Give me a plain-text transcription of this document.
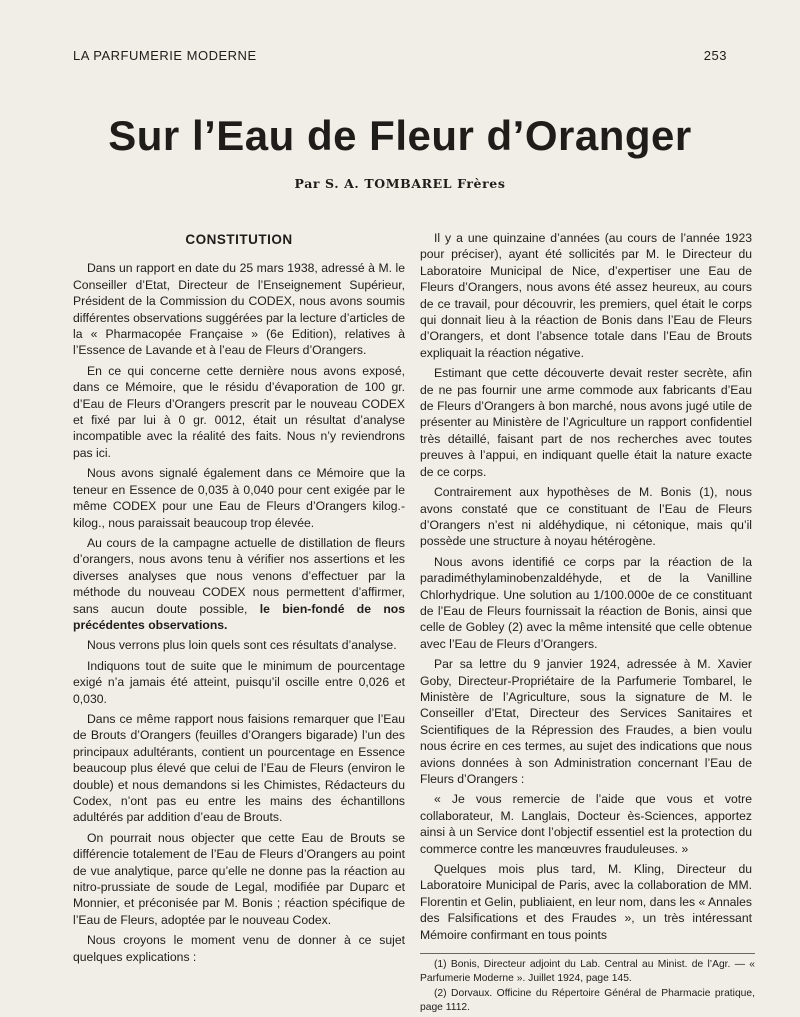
LA PARFUMERIE MODERNE	253
Sur l’Eau de Fleur d’Oranger
Par S. A. TOMBAREL Frères
CONSTITUTION

Dans un rapport en date du 25 mars 1938, adressé à M. le Conseiller d’Etat, Directeur de l’Enseignement Supérieur, Président de la Commission du CODEX, nous avons soumis différentes observations suggérées par la lecture d’articles de la « Pharmacopée Française » (6e Edition), relatives à l’Essence de Lavande et à l’eau de Fleurs d’Orangers.

En ce qui concerne cette dernière nous avons exposé, dans ce Mémoire, que le résidu d’évaporation de 100 gr. d’Eau de Fleurs d’Orangers prescrit par le nouveau CODEX et fixé par lui à 0 gr. 0012, était un résultat d’analyse incompatible avec la réalité des faits. Nous n’y reviendrons pas ici.

Nous avons signalé également dans ce Mémoire que la teneur en Essence de 0,035 à 0,040 pour cent exigée par le même CODEX pour une Eau de Fleurs d’Orangers kilog.-kilog., nous paraissait beaucoup trop élevée.

Au cours de la campagne actuelle de distillation de fleurs d’orangers, nous avons tenu à vérifier nos assertions et les diverses analyses que nous venons d’effectuer par la méthode du nouveau CODEX nous permettent d’affirmer, sans aucun doute possible, le bien-fondé de nos précédentes observations.

Nous verrons plus loin quels sont ces résultats d’analyse.

Indiquons tout de suite que le minimum de pourcentage exigé n’a jamais été atteint, puisqu’il oscille entre 0,026 et 0,030.

Dans ce même rapport nous faisions remarquer que l’Eau de Brouts d’Orangers (feuilles d’Orangers bigarade) l’un des principaux adultérants, contient un pourcentage en Essence beaucoup plus élevé que celui de l’Eau de Fleurs (environ le double) et nous demandons si les Chimistes, Rédacteurs du Codex, n’ont pas eu entre les mains des échantillons adultérés par addition d’eau de Brouts.

On pourrait nous objecter que cette Eau de Brouts se différencie totalement de l’Eau de Fleurs d’Orangers au point de vue analytique, parce qu’elle ne donne pas la réaction au nitro-prussiate de soude de Legal, modifiée par Duparc et Monnier, et préconisée par M. Bonis ; réaction spécifique de l’Eau de Fleurs, adoptée par le nouveau Codex.

Nous croyons le moment venu de donner à ce sujet quelques explications :

Il y a une quinzaine d’années (au cours de l’année 1923 pour préciser), ayant été sollicités par M. le Directeur du Laboratoire Municipal de Nice, d’expertiser une Eau de Fleurs d’Orangers, nous avons été assez heureux, au cours de ce travail, pour découvrir, les premiers, quel était le corps qui donnait lieu à la réaction de Bonis dans l’Eau de Fleurs d’Orangers, et dont l’absence totale dans l’Eau de Brouts expliquait la réaction négative.

Estimant que cette découverte devait rester secrète, afin de ne pas fournir une arme commode aux fabricants d’Eau de Fleurs d’Orangers à bon marché, nous avons jugé utile de présenter au Ministère de l’Agriculture un rapport confidentiel très détaillé, faisant part de nos recherches avec toutes preuves à l’appui, en indiquant quelle était la nature exacte de ce corps.

Contrairement aux hypothèses de M. Bonis (1), nous avons constaté que ce constituant de l’Eau de Fleurs d’Orangers n’est ni aldéhydique, ni cétonique, mais qu’il possède une structure à noyau hétérogène.

Nous avons identifié ce corps par la réaction de la paradiméthylaminobenzaldéhyde, et de la Vanilline Chlorhydrique. Une solution au 1/100.000e de ce constituant de l’Eau de Fleurs fournissait la réaction de Bonis, ainsi que celle de Gobley (2) avec la même intensité que celle obtenue avec l’Eau de Fleurs d’Orangers.

Par sa lettre du 9 janvier 1924, adressée à M. Xavier Goby, Directeur-Propriétaire de la Parfumerie Tombarel, le Ministère de l’Agriculture, sous la signature de M. le Conseiller d’Etat, Directeur des Services Sanitaires et Scientifiques de la Répression des Fraudes, a bien voulu nous écrire en ces termes, au sujet des indications que nous avions données à son Administration concernant l’Eau de Fleurs d’Orangers :

« Je vous remercie de l’aide que vous et votre collaborateur, M. Langlais, Docteur ès-Sciences, apportez ainsi à un Service dont l’objectif essentiel est la protection du commerce contre les manœuvres frauduleuses. »

Quelques mois plus tard, M. Kling, Directeur du Laboratoire Municipal de Paris, avec la collaboration de MM. Florentin et Gelin, publiaient, en leur nom, dans les « Annales des Falsifications et des Fraudes », un très intéressant Mémoire confirmant en tous points

(1) Bonis, Directeur adjoint du Lab. Central au Minist. de l’Agr. — « Parfumerie Moderne ». Juillet 1924, page 145.

(2) Dorvaux. Officine du Répertoire Général de Pharmacie pratique, page 1112.
